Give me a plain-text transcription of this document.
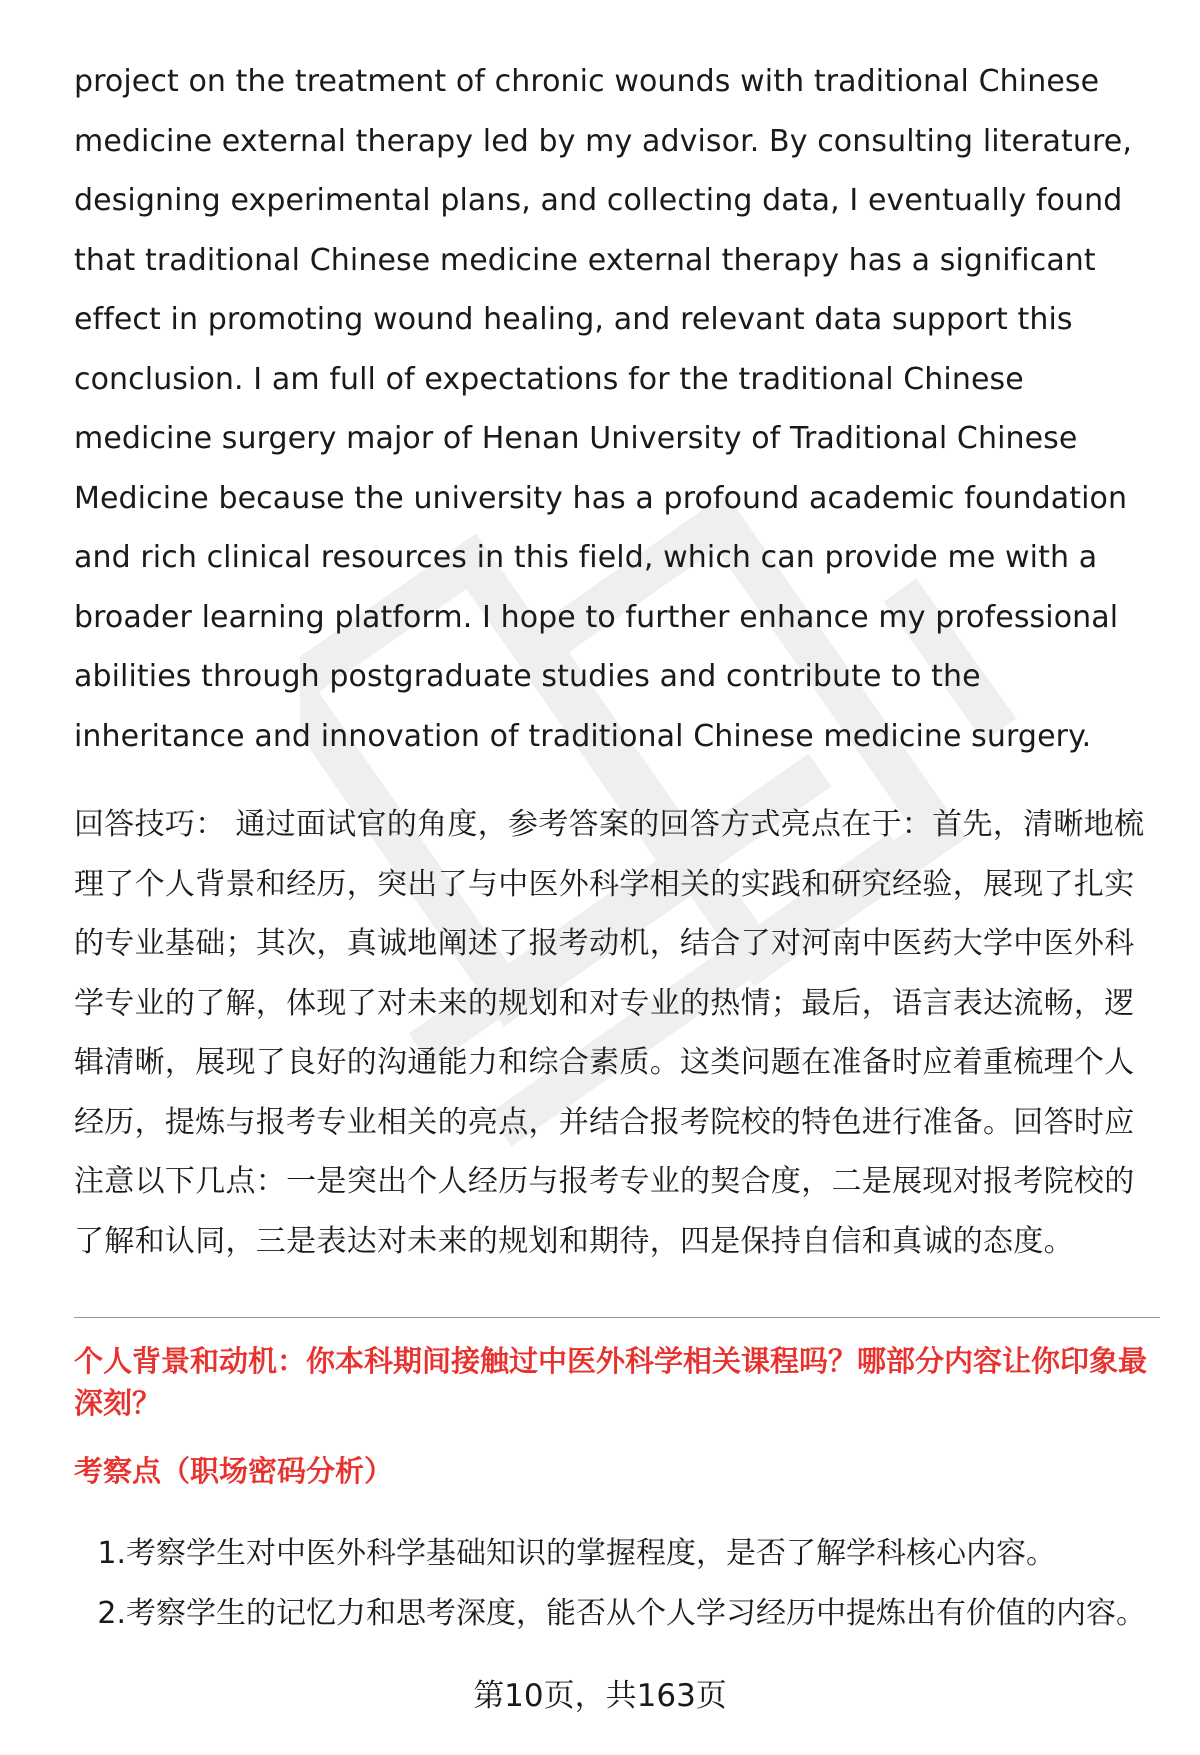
project on the treatment of chronic wounds with traditional Chinese medicine external therapy led by my advisor. By consulting literature, designing experimental plans, and collecting data, I eventually found that traditional Chinese medicine external therapy has a significant effect in promoting wound healing, and relevant data support this conclusion. I am full of expectations for the traditional Chinese medicine surgery major of Henan University of Traditional Chinese Medicine because the university has a profound academic foundation and rich clinical resources in this field, which can provide me with a broader learning platform. I hope to further enhance my professional abilities through postgraduate studies and contribute to the inheritance and innovation of traditional Chinese medicine surgery.

回答技巧： 通过面试官的角度，参考答案的回答方式亮点在于：首先，清晰地梳理了个人背景和经历，突出了与中医外科学相关的实践和研究经验，展现了扎实的专业基础；其次，真诚地阐述了报考动机，结合了对河南中医药大学中医外科学专业的了解，体现了对未来的规划和对专业的热情；最后，语言表达流畅，逻辑清晰，展现了良好的沟通能力和综合素质。这类问题在准备时应着重梳理个人经历，提炼与报考专业相关的亮点，并结合报考院校的特色进行准备。回答时应注意以下几点：一是突出个人经历与报考专业的契合度，二是展现对报考院校的了解和认同，三是表达对未来的规划和期待，四是保持自信和真诚的态度。

个人背景和动机：你本科期间接触过中医外科学相关课程吗？哪部分内容让你印象最深刻？
考察点（职场密码分析）
1. 考察学生对中医外科学基础知识的掌握程度，是否了解学科核心内容。
2. 考察学生的记忆力和思考深度，能否从个人学习经历中提炼出有价值的内容。
第10页，共163页
